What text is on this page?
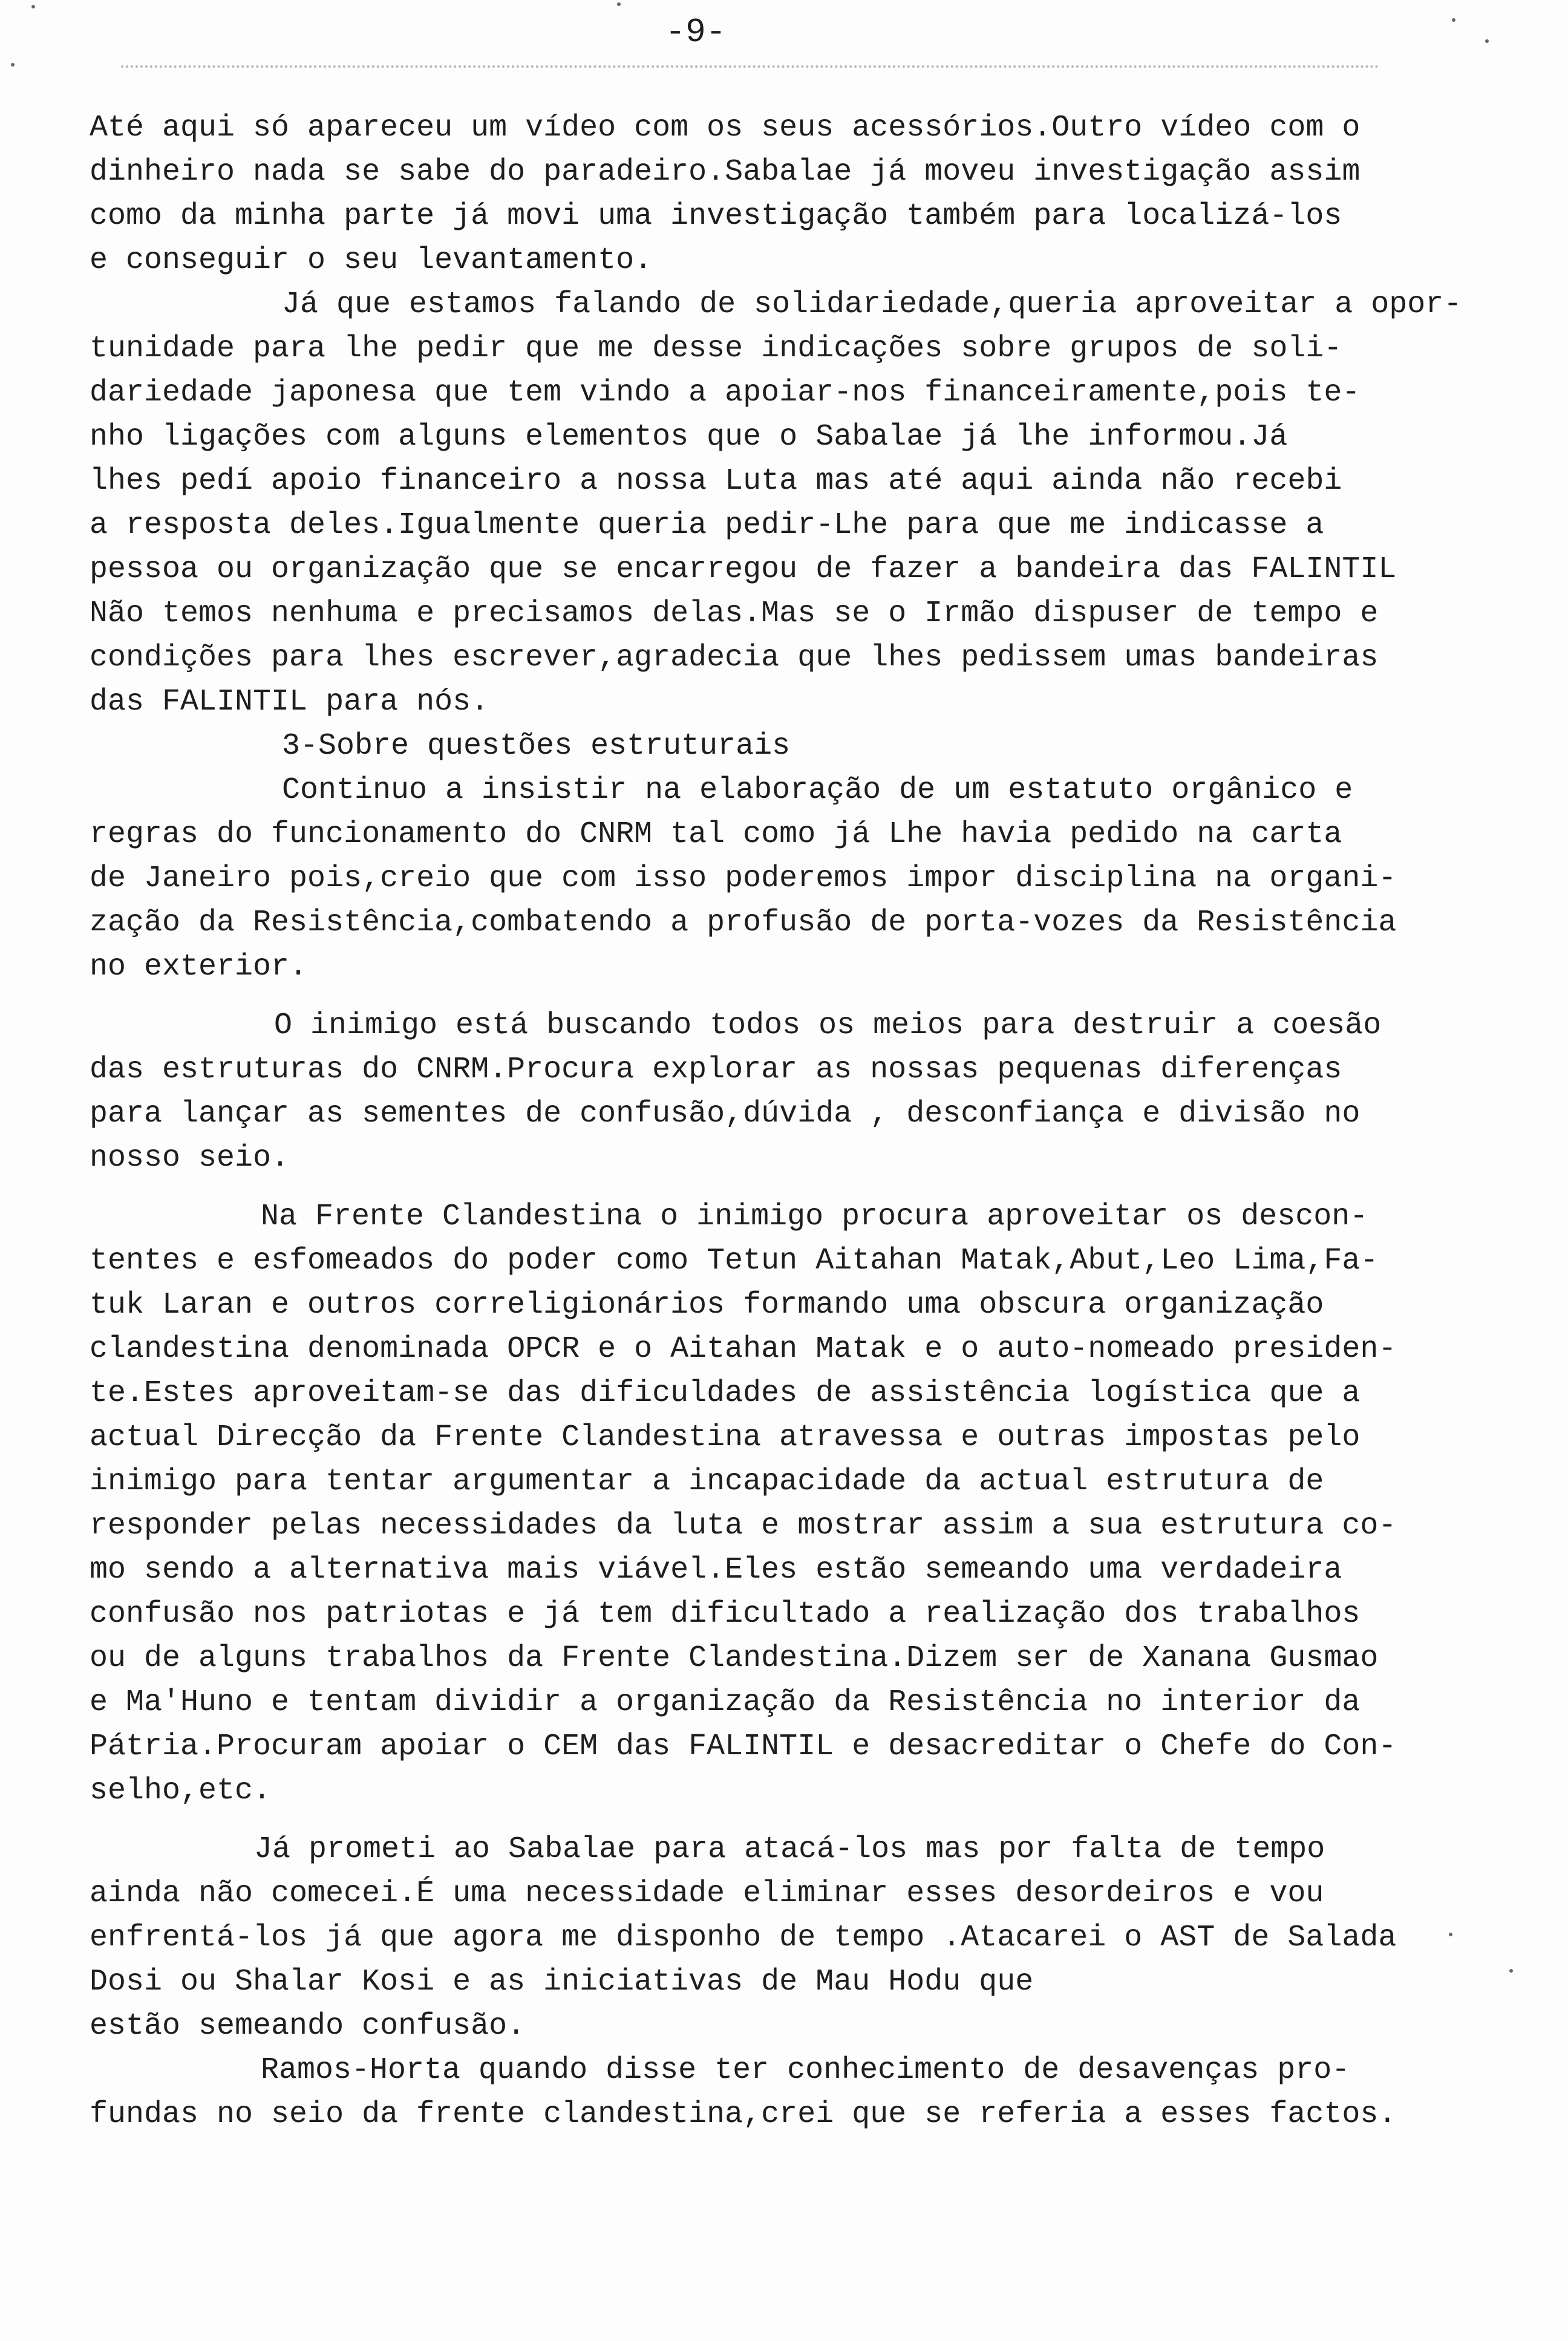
-9-
Até aqui só apareceu um vídeo com os seus acessórios.Outro vídeo com o
dinheiro nada se sabe do paradeiro.Sabalae já moveu investigação assim
como da minha parte já movi uma investigação também para localizá-los
e conseguir o seu levantamento.
Já que estamos falando de solidariedade,queria aproveitar a opor-
tunidade para lhe pedir que me desse indicações sobre grupos de soli-
dariedade japonesa que tem vindo a apoiar-nos financeiramente,pois te-
nho ligações com alguns elementos que o Sabalae já lhe informou.Já
lhes pedí apoio financeiro a nossa Luta mas até aqui ainda não recebi
a resposta deles.Igualmente queria pedir-Lhe para que me indicasse a
pessoa ou organização que se encarregou de fazer a bandeira das FALINTIL
Não temos nenhuma e precisamos delas.Mas se o Irmão dispuser de tempo e
condições para lhes escrever,agradecia que lhes pedissem umas bandeiras
das FALINTIL para nós.
3-Sobre questões estruturais
Continuo a insistir na elaboração de um estatuto orgânico e
regras do funcionamento do CNRM tal como já Lhe havia pedido na carta
de Janeiro pois,creio que com isso poderemos impor disciplina na organi-
zação da Resistência,combatendo a profusão de porta-vozes da Resistência
no exterior.
O inimigo está buscando todos os meios para destruir a coesão
das estruturas do CNRM.Procura explorar as nossas pequenas diferenças
para lançar as sementes de confusão,dúvida , desconfiança e divisão no
nosso seio.
Na Frente Clandestina o inimigo procura aproveitar os descon-
tentes e esfomeados do poder como Tetun Aitahan Matak,Abut,Leo Lima,Fa-
tuk Laran e outros correligionários formando uma obscura organização
clandestina denominada OPCR e o Aitahan Matak e o auto-nomeado presiden-
te.Estes aproveitam-se das dificuldades de assistência logística que a
actual Direcção da Frente Clandestina atravessa e outras impostas pelo
inimigo para tentar argumentar a incapacidade da actual estrutura de
responder pelas necessidades da luta e mostrar assim a sua estrutura co-
mo sendo a alternativa mais viável.Eles estão semeando uma verdadeira
confusão nos patriotas e já tem dificultado a realização dos trabalhos
ou de alguns trabalhos da Frente Clandestina.Dizem ser de Xanana Gusmao
e Ma'Huno e tentam dividir a organização da Resistência no interior da
Pátria.Procuram apoiar o CEM das FALINTIL e desacreditar o Chefe do Con-
selho,etc.
Já prometi ao Sabalae para atacá-los mas por falta de tempo
ainda não comecei.É uma necessidade eliminar esses desordeiros e vou
enfrentá-los já que agora me disponho de tempo .Atacarei o AST de Salada
Dosi ou Shalar Kosi e as iniciativas de Mau Hodu que
estão semeando confusão.
Ramos-Horta quando disse ter conhecimento de desavenças pro-
fundas no seio da frente clandestina,crei que se referia a esses factos.
